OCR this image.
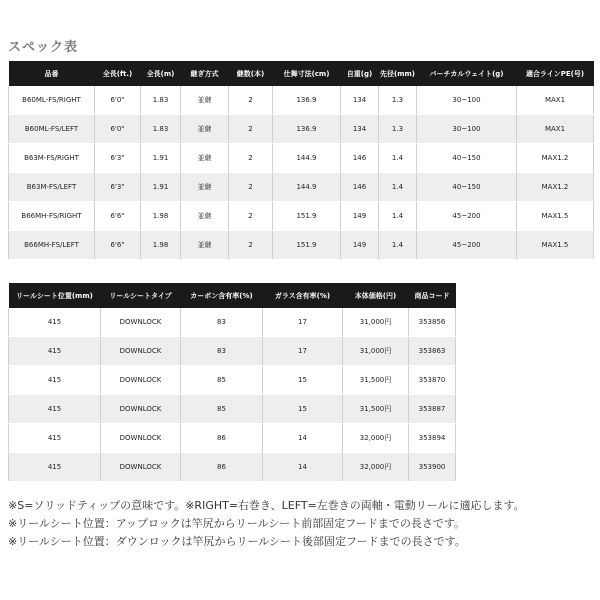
スペック表
品番	全長(ft.)	全長(m)	継ぎ方式	継数(本)	仕舞寸法(cm)	自重(g)	先径(mm)	バーチカルウェイト(g)	適合ラインPE(号)
B60ML-FS/RIGHT	6'0"	1.83	並継	2	136.9	134	1.3	30~100	MAX1
B60ML-FS/LEFT	6'0"	1.83	並継	2	136.9	134	1.3	30~100	MAX1
B63M-FS/RIGHT	6'3"	1.91	並継	2	144.9	146	1.4	40~150	MAX1.2
B63M-FS/LEFT	6'3"	1.91	並継	2	144.9	146	1.4	40~150	MAX1.2
B66MH-FS/RIGHT	6'6"	1.98	並継	2	151.9	149	1.4	45~200	MAX1.5
B66MH-FS/LEFT	6'6"	1.98	並継	2	151.9	149	1.4	45~200	MAX1.5
リールシート位置(mm)	リールシートタイプ	カーボン含有率(%)	ガラス含有率(%)	本体価格(円)	商品コード
415	DOWNLOCK	83	17	31,000円	353856
415	DOWNLOCK	83	17	31,000円	353863
415	DOWNLOCK	85	15	31,500円	353870
415	DOWNLOCK	85	15	31,500円	353887
415	DOWNLOCK	86	14	32,000円	353894
415	DOWNLOCK	86	14	32,000円	353900
※S=ソリッドティップの意味です。※RIGHT=右巻き、LEFT=左巻きの両軸・電動リールに適応します。
※リールシート位置：アップロックは竿尻からリールシート前部固定フードまでの長さです。
※リールシート位置：ダウンロックは竿尻からリールシート後部固定フードまでの長さです。
